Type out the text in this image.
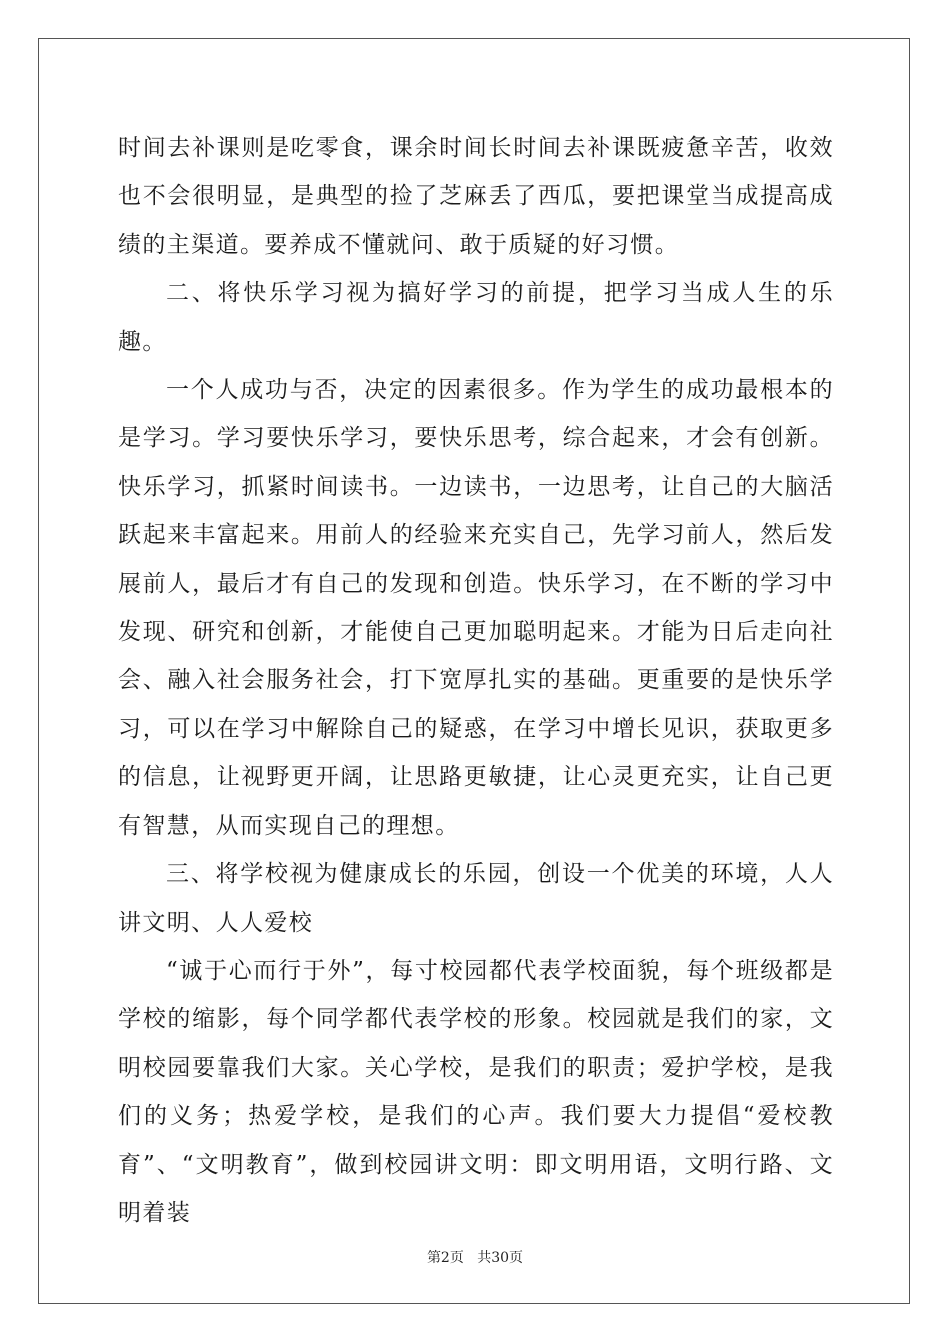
时间去补课则是吃零食，课余时间长时间去补课既疲惫辛苦，收效也不会很明显，是典型的捡了芝麻丢了西瓜，要把课堂当成提高成绩的主渠道。要养成不懂就问、敢于质疑的好习惯。

二、将快乐学习视为搞好学习的前提，把学习当成人生的乐趣。

一个人成功与否，决定的因素很多。作为学生的成功最根本的是学习。学习要快乐学习，要快乐思考，综合起来，才会有创新。快乐学习，抓紧时间读书。一边读书，一边思考，让自己的大脑活跃起来丰富起来。用前人的经验来充实自己，先学习前人，然后发展前人，最后才有自己的发现和创造。快乐学习，在不断的学习中发现、研究和创新，才能使自己更加聪明起来。才能为日后走向社会、融入社会服务社会，打下宽厚扎实的基础。更重要的是快乐学习，可以在学习中解除自己的疑惑，在学习中增长见识，获取更多的信息，让视野更开阔，让思路更敏捷，让心灵更充实，让自己更有智慧，从而实现自己的理想。

三、将学校视为健康成长的乐园，创设一个优美的环境，人人讲文明、人人爱校

“诚于心而行于外”，每寸校园都代表学校面貌，每个班级都是学校的缩影，每个同学都代表学校的形象。校园就是我们的家，文明校园要靠我们大家。关心学校，是我们的职责；爱护学校，是我们的义务；热爱学校，是我们的心声。我们要大力提倡“爱校教育”、“文明教育”，做到校园讲文明：即文明用语，文明行路、文明着装

第2页 共30页
